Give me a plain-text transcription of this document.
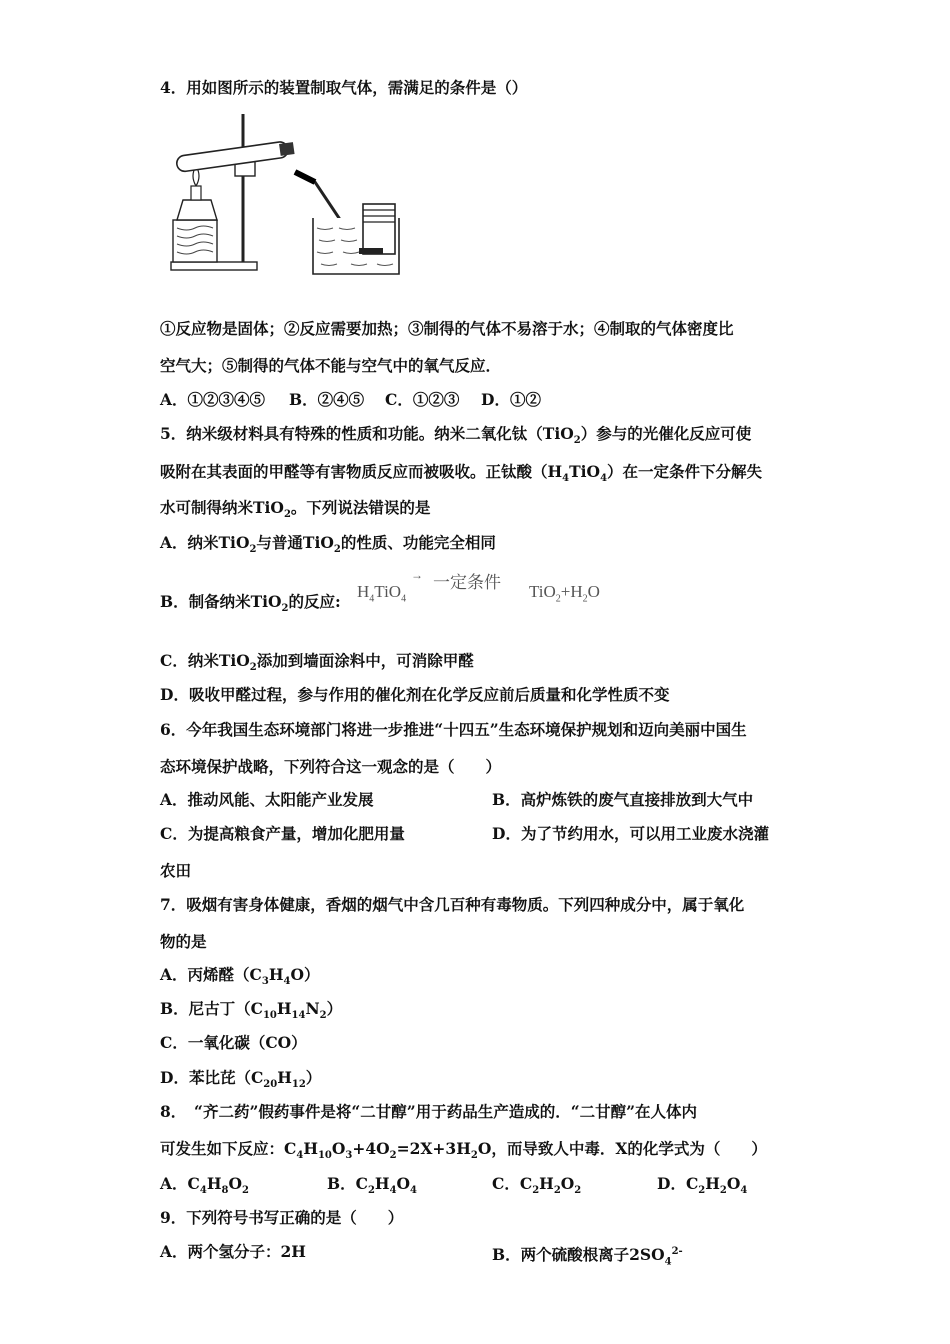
4．用如图所示的装置制取气体，需满足的条件是（）
①反应物是固体；②反应需要加热；③制得的气体不易溶于水；④制取的气体密度比
空气大；⑤制得的气体不能与空气中的氧气反应．
A．①②③④⑤ B．②④⑤ C．①②③ D．①②
5．纳米级材料具有特殊的性质和功能。纳米二氧化钛（TiO$_2$）参与的光催化反应可使
吸附在其表面的甲醛等有害物质反应而被吸收。正钛酸$(H_4TiO_4)$在一定条件下分解失
水可制得纳米TiO$_2$。下列说法错误的是
A．纳米TiO$_2$与普通TiO$_2$的性质、功能完全相同
B．制备纳米TiO$_2$的反应:
$H_4TiO_4$
→ 一定条件 $TiO_2+H_2O$
C．纳米TiO$_2$添加到墙面涂料中，可消除甲醛
D．吸收甲醛过程，参与作用的催化剂在化学反应前后质量和化学性质不变
6．今年我国生态环境部门将进一步推进“十四五”生态环境保护规划和迈向美丽中国生
态环境保护战略，下列符合这一观念的是（　　）
A．推动风能、太阳能产业发展	B．高炉炼铁的废气直接排放到大气中
C．为提高粮食产量，增加化肥用量	D．为了节约用水，可以用工业废水浇灌
农田
7．吸烟有害身体健康，香烟的烟气中含几百种有毒物质。下列四种成分中，属于氧化
物的是
A．丙烯醛$(C_3H_4O)$
B．尼古丁$(C_{10}H_{14}N_2)$
C．一氧化碳（CO）
D．苯比芘$(C_{20}H_{12})$
8．　“齐二药”假药事件是将“二甘醇”用于药品生产造成的．“二甘醇”在人体内
可发生如下反应：$C_4H_{10}O_3+4O_2=2X+3H_2O$，而导致人中毒．X的化学式为（　　）
A．$C_4H_8O_2$	B．$C_2H_4O_4$	C．$C_2H_2O_2$	D．$C_2H_2O_4$
9．下列符号书写正确的是（　　）
A．两个氢分子：2H	B．两个硫酸根离子$2SO_4^{2-}$
